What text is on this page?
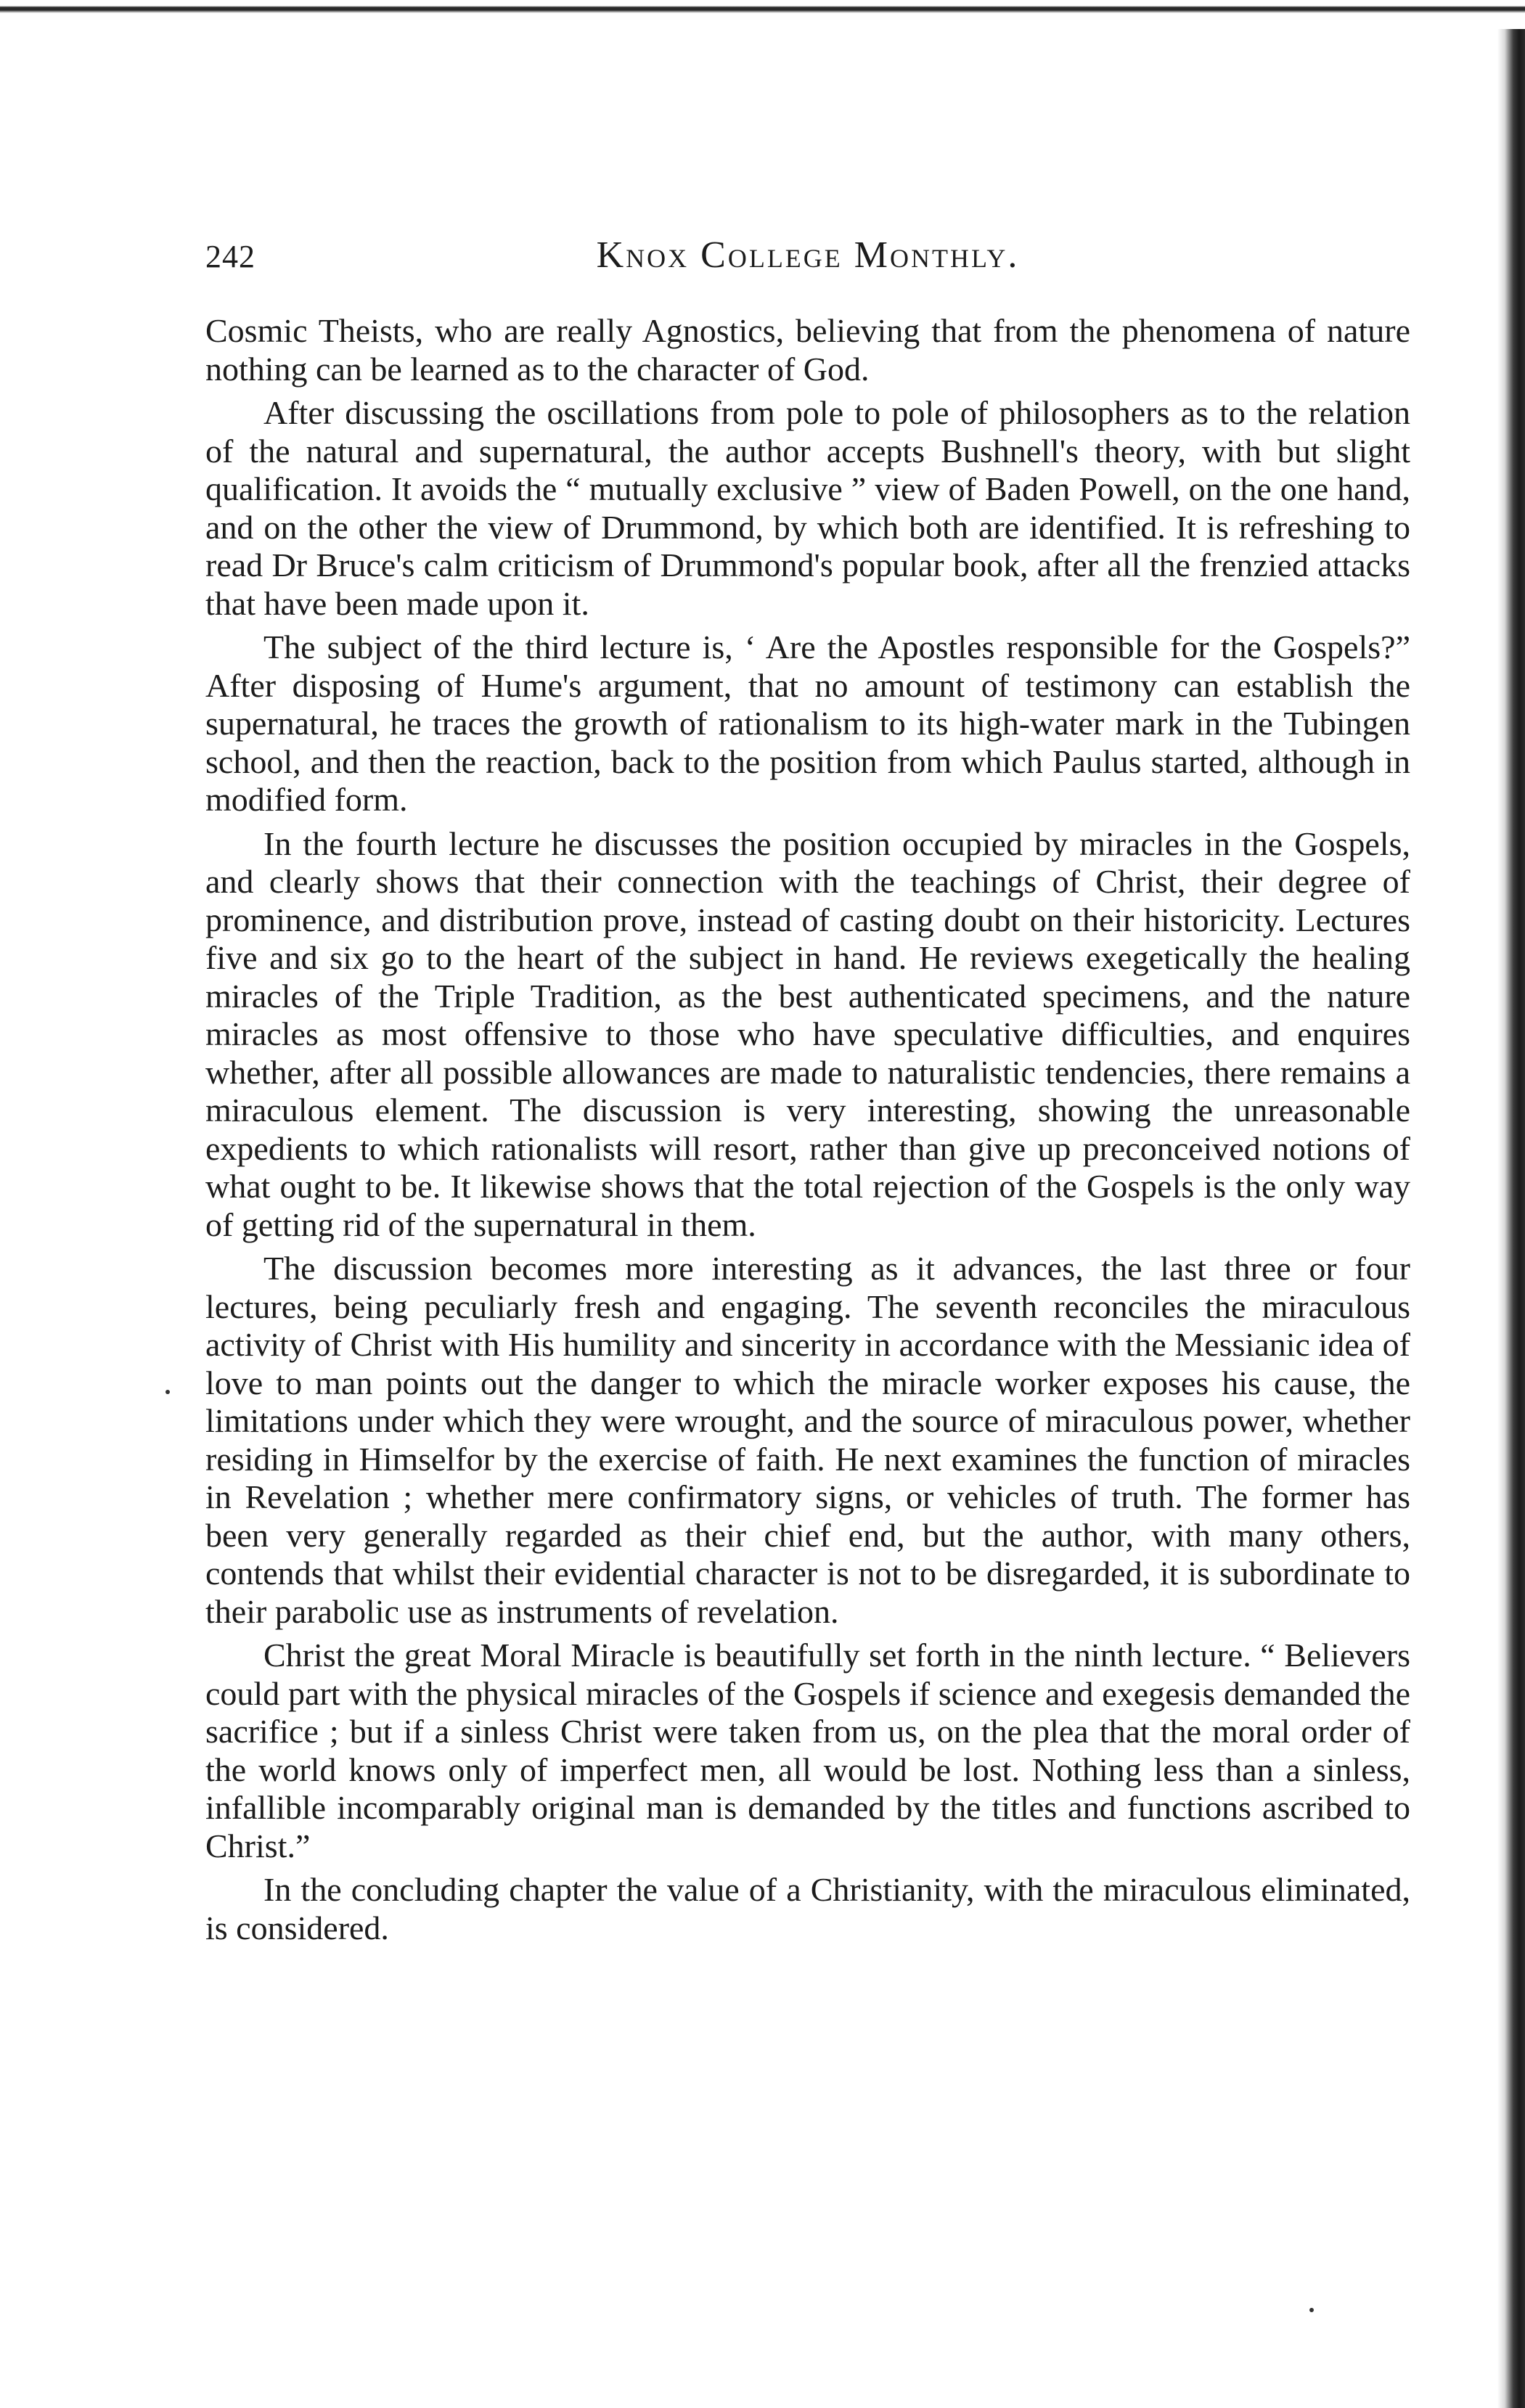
242	Knox College Monthly.

Cosmic Theists, who are really Agnostics, believing that from the phenomena of nature nothing can be learned as to the character of God.

After discussing the oscillations from pole to pole of philosophers as to the relation of the natural and supernatural, the author accepts Bushnell's theory, with but slight qualification. It avoids the “ mutually exclusive ” view of Baden Powell, on the one hand, and on the other the view of Drummond, by which both are identified. It is refreshing to read Dr Bruce's calm criticism of Drummond's popular book, after all the frenzied attacks that have been made upon it.

The subject of the third lecture is, ‘ Are the Apostles responsible for the Gospels?” After disposing of Hume's argument, that no amount of testimony can establish the supernatural, he traces the growth of rationalism to its high-water mark in the Tubingen school, and then the reaction, back to the position from which Paulus started, although in modified form.

In the fourth lecture he discusses the position occupied by miracles in the Gospels, and clearly shows that their connection with the teachings of Christ, their degree of prominence, and distribution prove, instead of casting doubt on their historicity. Lectures five and six go to the heart of the subject in hand. He reviews exegetically the healing miracles of the Triple Tradition, as the best authenticated specimens, and the nature miracles as most offensive to those who have speculative difficulties, and enquires whether, after all possible allowances are made to naturalistic tendencies, there remains a miraculous element. The discussion is very interesting, showing the unreasonable expedients to which rationalists will resort, rather than give up preconceived notions of what ought to be. It likewise shows that the total rejection of the Gospels is the only way of getting rid of the supernatural in them.

The discussion becomes more interesting as it advances, the last three or four lectures, being peculiarly fresh and engaging. The seventh reconciles the miraculous activity of Christ with His humility and sincerity in accordance with the Messianic idea of love to man points out the danger to which the miracle worker exposes his cause, the limitations under which they were wrought, and the source of miraculous power, whether residing in Himselfor by the exercise of faith. He next examines the function of miracles in Revelation ; whether mere confirmatory signs, or vehicles of truth. The former has been very generally regarded as their chief end, but the author, with many others, contends that whilst their evidential character is not to be disregarded, it is subordinate to their parabolic use as instruments of revelation.

Christ the great Moral Miracle is beautifully set forth in the ninth lecture. “ Believers could part with the physical miracles of the Gospels if science and exegesis demanded the sacrifice ; but if a sinless Christ were taken from us, on the plea that the moral order of the world knows only of imperfect men, all would be lost. Nothing less than a sinless, infallible incomparably original man is demanded by the titles and functions ascribed to Christ.”

In the concluding chapter the value of a Christianity, with the miraculous eliminated, is considered.
